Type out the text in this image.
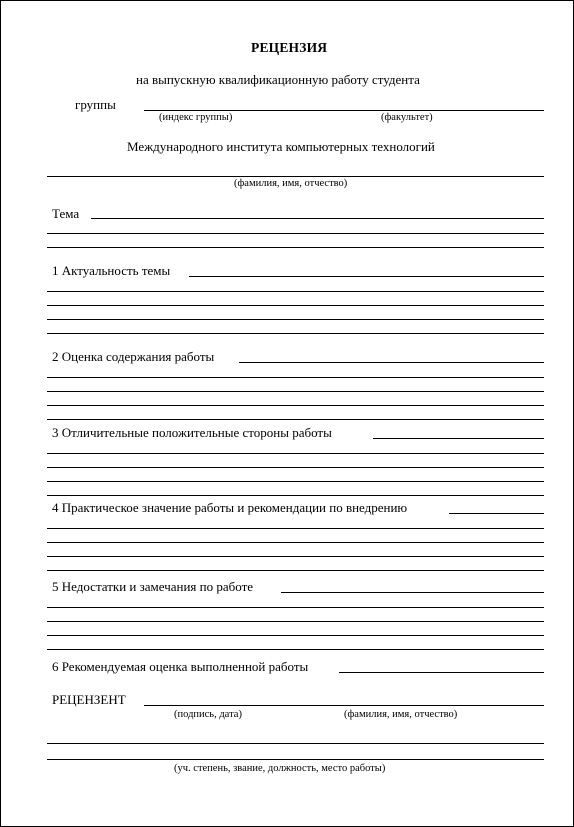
РЕЦЕНЗИЯ
на выпускную квалификационную работу студента
группы
(индекс группы)	(факультет)
Международного института компьютерных технологий
(фамилия, имя, отчество)
Тема
1 Актуальность темы
2 Оценка содержания работы
3 Отличительные положительные стороны работы
4 Практическое значение работы и рекомендации по внедрению
5 Недостатки и замечания по работе
6 Рекомендуемая оценка выполненной работы
РЕЦЕНЗЕНТ
(подпись, дата)	(фамилия, имя, отчество)
(уч. степень, звание, должность, место работы)
